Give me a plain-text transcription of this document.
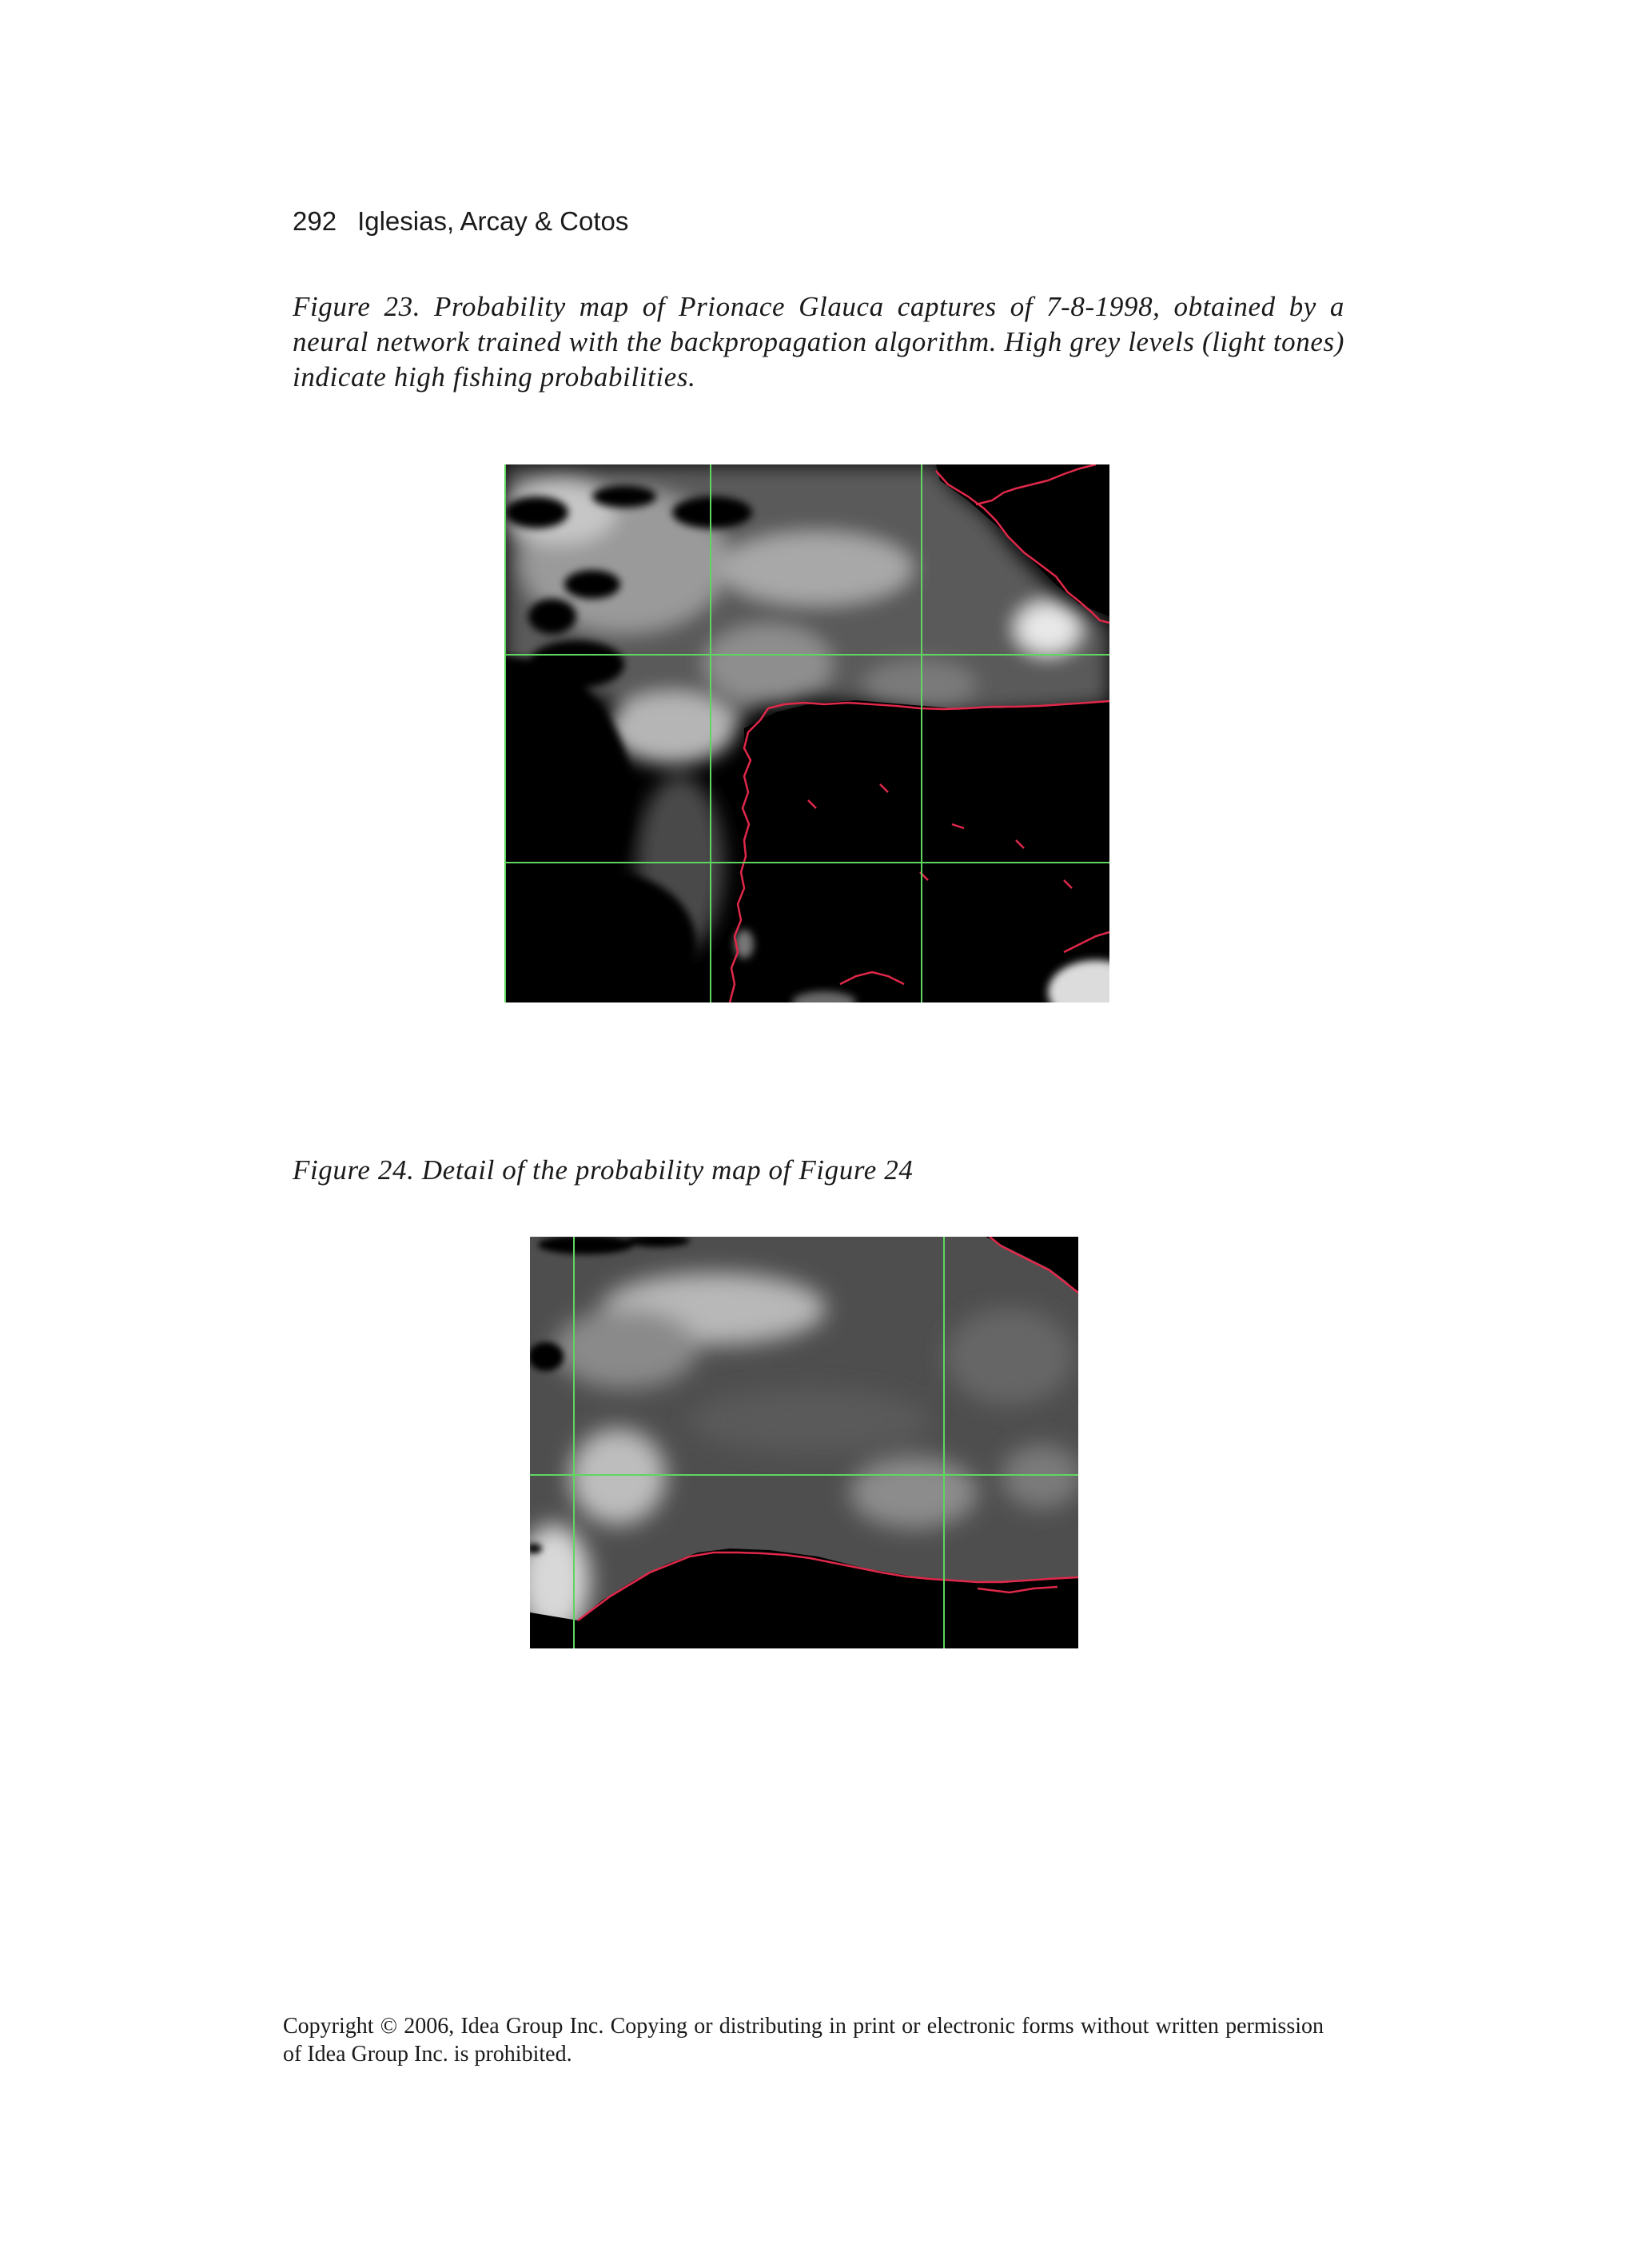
292 Iglesias, Arcay & Cotos
Figure 23. Probability map of Prionace Glauca captures of 7-8-1998, obtained by a neural network trained with the backpropagation algorithm. High grey levels (light tones) indicate high fishing probabilities.
Figure 24. Detail of the probability map of Figure 24
Copyright © 2006, Idea Group Inc. Copying or distributing in print or electronic forms without written permission of Idea Group Inc. is prohibited.
